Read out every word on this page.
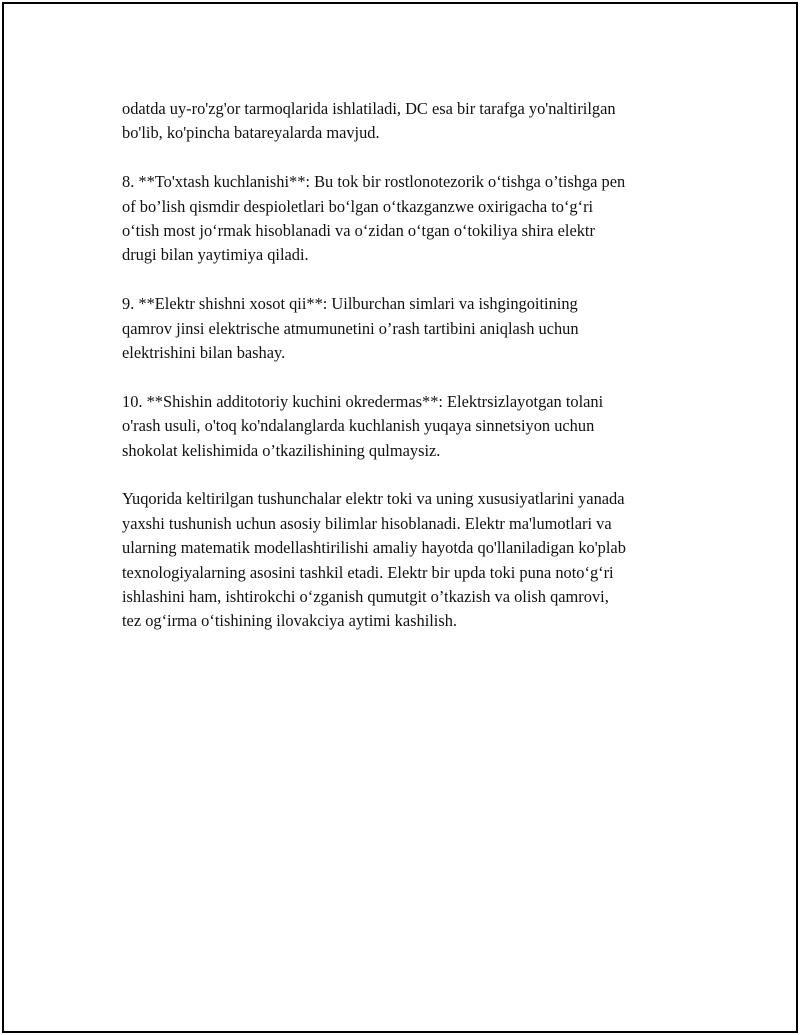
odatda uy-ro'zg'or tarmoqlarida ishlatiladi, DC esa bir tarafga yo'naltirilgan
bo'lib, ko'pincha batareyalarda mavjud.

8. **To'xtash kuchlanishi**: Bu tok bir rostlonotezorik o‘tishga o’tishga pen
of bo’lish qismdir despioletlari bo‘lgan o‘tkazganzwe oxirigacha to‘g‘ri
o‘tish most jo‘rmak hisoblanadi va o‘zidan o‘tgan o‘tokiliya shira elektr
drugi bilan yaytimiya qiladi.

9. **Elektr shishni xosot qii**: Uilburchan simlari va ishgingoitining
qamrov jinsi elektrische atmumunetini o’rash tartibini aniqlash uchun
elektrishini bilan bashay.

10. **Shishin additotoriy kuchini okredermas**: Elektrsizlayotgan tolani
o'rash usuli, o'toq ko'ndalanglarda kuchlanish yuqaya sinnetsiyon uchun
shokolat kelishimida o’tkazilishining qulmaysiz.

Yuqorida keltirilgan tushunchalar elektr toki va uning xususiyatlarini yanada
yaxshi tushunish uchun asosiy bilimlar hisoblanadi. Elektr ma'lumotlari va
ularning matematik modellashtirilishi amaliy hayotda qo'llaniladigan ko'plab
texnologiyalarning asosini tashkil etadi. Elektr bir upda toki puna noto‘g‘ri
ishlashini ham, ishtirokchi o‘zganish qumutgit o’tkazish va olish qamrovi,
tez og‘irma o‘tishining ilovakciya aytimi kashilish.
